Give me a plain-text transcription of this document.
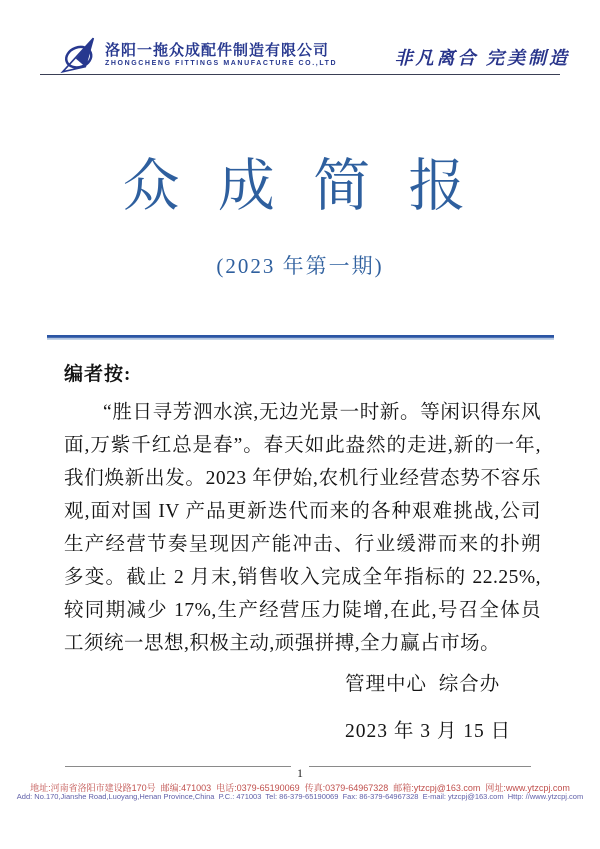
洛阳一拖众成配件制造有限公司
ZHONGCHENG FITTINGS MANUFACTURE CO.,LTD	非凡离合 完美制造
众 成 简 报
(2023 年第一期)
编者按:

“胜日寻芳泗水滨,无边光景一时新。等闲识得东风面,万紫千红总是春”。春天如此盎然的走进,新的一年,我们焕新出发。2023 年伊始,农机行业经营态势不容乐观,面对国 IV 产品更新迭代而来的各种艰难挑战,公司生产经营节奏呈现因产能冲击、行业缓滞而来的扑朔多变。截止 2 月末,销售收入完成全年指标的 22.25%,较同期减少 17%,生产经营压力陡增,在此,号召全体员工须统一思想,积极主动,顽强拼搏,全力赢占市场。

管理中心  综合办
2023 年 3 月 15 日
1
地址:河南省洛阳市建设路170号  邮编:471003  电话:0379-65190069  传真:0379-64967328  邮箱:ytzcpj@163.com  网址:www.ytzcpj.com
Add: No.170,Jianshe Road,Luoyang,Henan Province,China  P.C.: 471003  Tel: 86-379-65190069  Fax: 86-379-64967328  E-mail: ytzcpj@163.com  Http: //www.ytzcpj.com
